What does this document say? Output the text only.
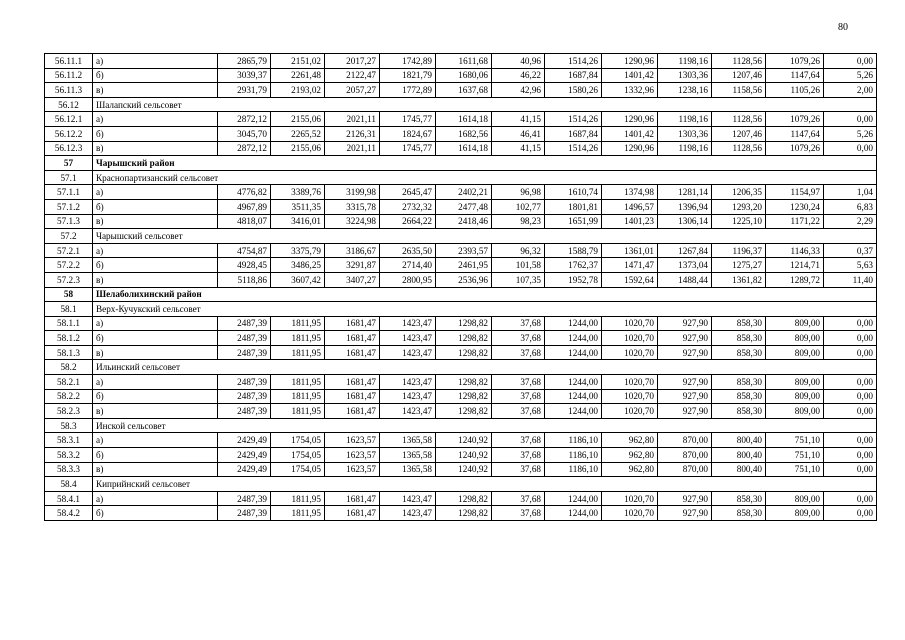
80
56.11.1	а)	2865,79	2151,02	2017,27	1742,89	1611,68	40,96	1514,26	1290,96	1198,16	1128,56	1079,26	0,00
56.11.2	б)	3039,37	2261,48	2122,47	1821,79	1680,06	46,22	1687,84	1401,42	1303,36	1207,46	1147,64	5,26
56.11.3	в)	2931,79	2193,02	2057,27	1772,89	1637,68	42,96	1580,26	1332,96	1238,16	1158,56	1105,26	2,00
56.12	Шалапский сельсовет												
56.12.1	а)	2872,12	2155,06	2021,11	1745,77	1614,18	41,15	1514,26	1290,96	1198,16	1128,56	1079,26	0,00
56.12.2	б)	3045,70	2265,52	2126,31	1824,67	1682,56	46,41	1687,84	1401,42	1303,36	1207,46	1147,64	5,26
56.12.3	в)	2872,12	2155,06	2021,11	1745,77	1614,18	41,15	1514,26	1290,96	1198,16	1128,56	1079,26	0,00
57	Чарышский район												
57.1	Краснопартизанский сельсовет												
57.1.1	а)	4776,82	3389,76	3199,98	2645,47	2402,21	96,98	1610,74	1374,98	1281,14	1206,35	1154,97	1,04
57.1.2	б)	4967,89	3511,35	3315,78	2732,32	2477,48	102,77	1801,81	1496,57	1396,94	1293,20	1230,24	6,83
57.1.3	в)	4818,07	3416,01	3224,98	2664,22	2418,46	98,23	1651,99	1401,23	1306,14	1225,10	1171,22	2,29
57.2	Чарышский сельсовет												
57.2.1	а)	4754,87	3375,79	3186,67	2635,50	2393,57	96,32	1588,79	1361,01	1267,84	1196,37	1146,33	0,37
57.2.2	б)	4928,45	3486,25	3291,87	2714,40	2461,95	101,58	1762,37	1471,47	1373,04	1275,27	1214,71	5,63
57.2.3	в)	5118,86	3607,42	3407,27	2800,95	2536,96	107,35	1952,78	1592,64	1488,44	1361,82	1289,72	11,40
58	Шелаболихинский район												
58.1	Верх-Кучукский сельсовет												
58.1.1	а)	2487,39	1811,95	1681,47	1423,47	1298,82	37,68	1244,00	1020,70	927,90	858,30	809,00	0,00
58.1.2	б)	2487,39	1811,95	1681,47	1423,47	1298,82	37,68	1244,00	1020,70	927,90	858,30	809,00	0,00
58.1.3	в)	2487,39	1811,95	1681,47	1423,47	1298,82	37,68	1244,00	1020,70	927,90	858,30	809,00	0,00
58.2	Ильинский сельсовет												
58.2.1	а)	2487,39	1811,95	1681,47	1423,47	1298,82	37,68	1244,00	1020,70	927,90	858,30	809,00	0,00
58.2.2	б)	2487,39	1811,95	1681,47	1423,47	1298,82	37,68	1244,00	1020,70	927,90	858,30	809,00	0,00
58.2.3	в)	2487,39	1811,95	1681,47	1423,47	1298,82	37,68	1244,00	1020,70	927,90	858,30	809,00	0,00
58.3	Инской сельсовет												
58.3.1	а)	2429,49	1754,05	1623,57	1365,58	1240,92	37,68	1186,10	962,80	870,00	800,40	751,10	0,00
58.3.2	б)	2429,49	1754,05	1623,57	1365,58	1240,92	37,68	1186,10	962,80	870,00	800,40	751,10	0,00
58.3.3	в)	2429,49	1754,05	1623,57	1365,58	1240,92	37,68	1186,10	962,80	870,00	800,40	751,10	0,00
58.4	Киприйнский сельсовет												
58.4.1	а)	2487,39	1811,95	1681,47	1423,47	1298,82	37,68	1244,00	1020,70	927,90	858,30	809,00	0,00
58.4.2	б)	2487,39	1811,95	1681,47	1423,47	1298,82	37,68	1244,00	1020,70	927,90	858,30	809,00	0,00
